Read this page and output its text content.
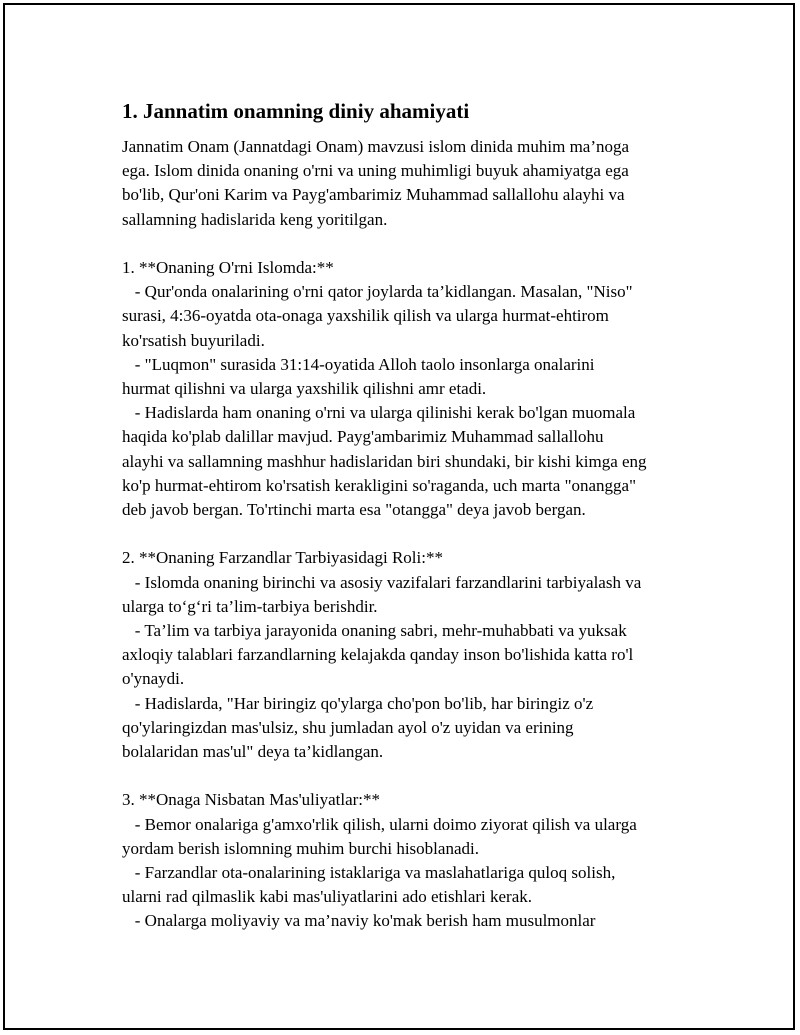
1. Jannatim onamning diniy ahamiyati
Jannatim Onam (Jannatdagi Onam) mavzusi islom dinida muhim ma’noga
ega. Islom dinida onaning o'rni va uning muhimligi buyuk ahamiyatga ega
bo'lib, Qur'oni Karim va Payg'ambarimiz Muhammad sallallohu alayhi va
sallamning hadislarida keng yoritilgan.
1. **Onaning O'rni Islomda:**
- Qur'onda onalarining o'rni qator joylarda ta’kidlangan. Masalan, "Niso"
surasi, 4:36-oyatda ota-onaga yaxshilik qilish va ularga hurmat-ehtirom
ko'rsatish buyuriladi.
- "Luqmon" surasida 31:14-oyatida Alloh taolo insonlarga onalarini
hurmat qilishni va ularga yaxshilik qilishni amr etadi.
- Hadislarda ham onaning o'rni va ularga qilinishi kerak bo'lgan muomala
haqida ko'plab dalillar mavjud. Payg'ambarimiz Muhammad sallallohu
alayhi va sallamning mashhur hadislaridan biri shundaki, bir kishi kimga eng
ko'p hurmat-ehtirom ko'rsatish kerakligini so'raganda, uch marta "onangga"
deb javob bergan. To'rtinchi marta esa "otangga" deya javob bergan.
2. **Onaning Farzandlar Tarbiyasidagi Roli:**
- Islomda onaning birinchi va asosiy vazifalari farzandlarini tarbiyalash va
ularga to‘g‘ri ta’lim-tarbiya berishdir.
- Ta’lim va tarbiya jarayonida onaning sabri, mehr-muhabbati va yuksak
axloqiy talablari farzandlarning kelajakda qanday inson bo'lishida katta ro'l
o'ynaydi.
- Hadislarda, "Har biringiz qo'ylarga cho'pon bo'lib, har biringiz o'z
qo'ylaringizdan mas'ulsiz, shu jumladan ayol o'z uyidan va erining
bolalaridan mas'ul" deya ta’kidlangan.
3. **Onaga Nisbatan Mas'uliyatlar:**
- Bemor onalariga g'amxo'rlik qilish, ularni doimo ziyorat qilish va ularga
yordam berish islomning muhim burchi hisoblanadi.
- Farzandlar ota-onalarining istaklariga va maslahatlariga quloq solish,
ularni rad qilmaslik kabi mas'uliyatlarini ado etishlari kerak.
- Onalarga moliyaviy va ma’naviy ko'mak berish ham musulmonlar
